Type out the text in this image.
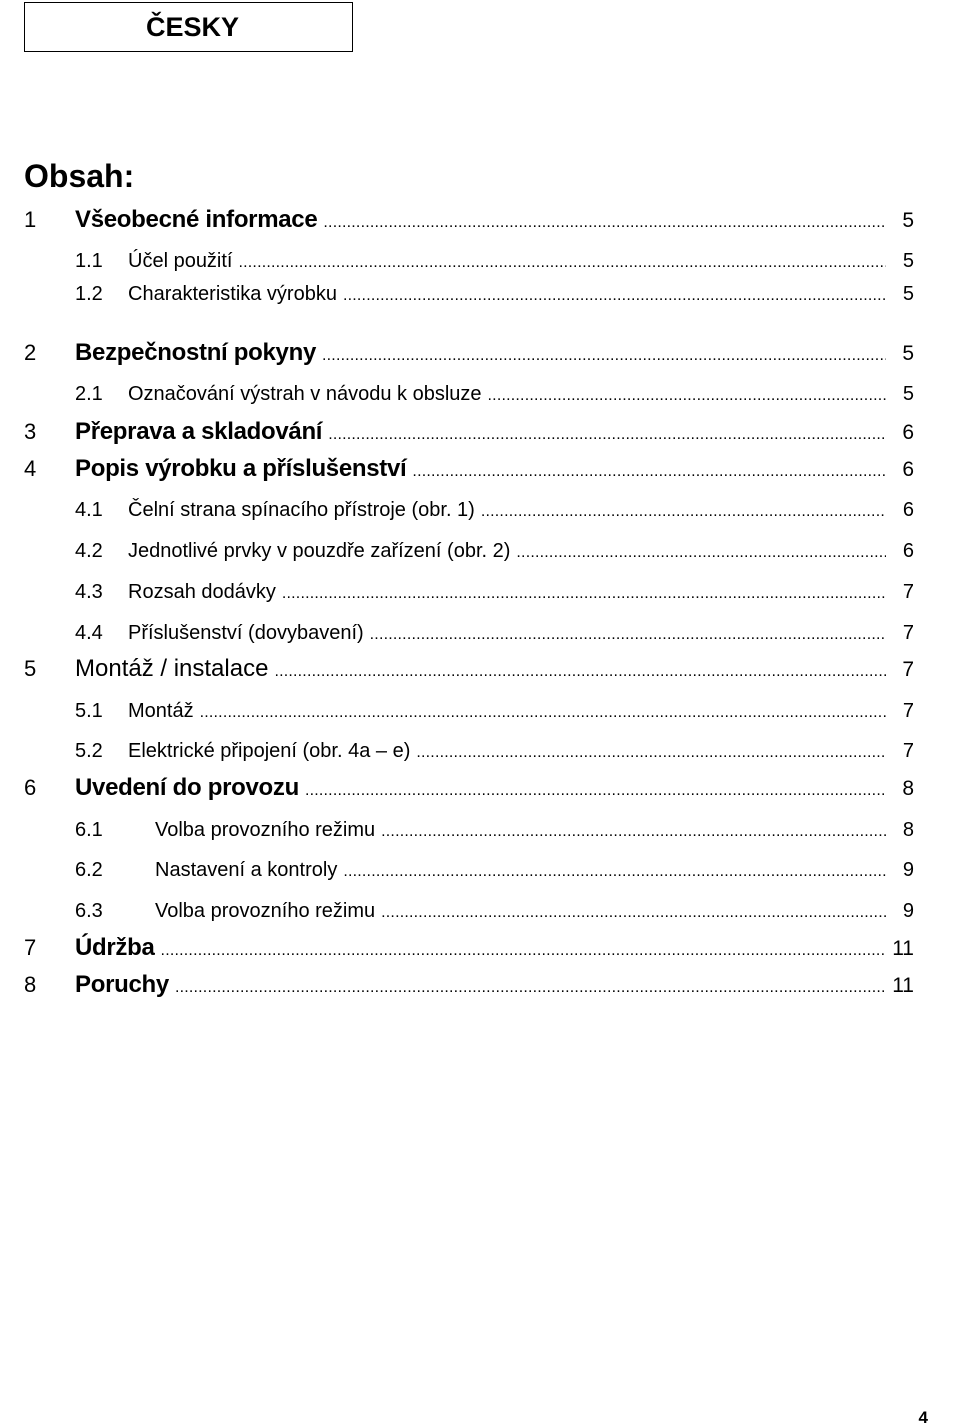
ČESKY
Obsah:
1	Všeobecné informace .....	5
1.1	Účel použití .....	5
1.2	Charakteristika výrobku .....	5
2	Bezpečnostní pokyny .....	5
2.1	Označování výstrah v návodu k obsluze .....	5
3	Přeprava a skladování .....	6
4	Popis výrobku a příslušenství .....	6
4.1	Čelní strana spínacího přístroje (obr. 1) .....	6
4.2	Jednotlivé prvky v pouzdře zařízení (obr. 2) .....	6
4.3	Rozsah dodávky .....	7
4.4	Příslušenství (dovybavení) .....	7
5	Montáž / instalace .....	7
5.1	Montáž .....	7
5.2	Elektrické připojení (obr. 4a – e) .....	7
6	Uvedení do provozu .....	8
6.1	Volba provozního režimu .....	8
6.2	Nastavení a kontroly .....	9
6.3	Volba provozního režimu .....	9
7	Údržba .....	11
8	Poruchy .....	11
4
